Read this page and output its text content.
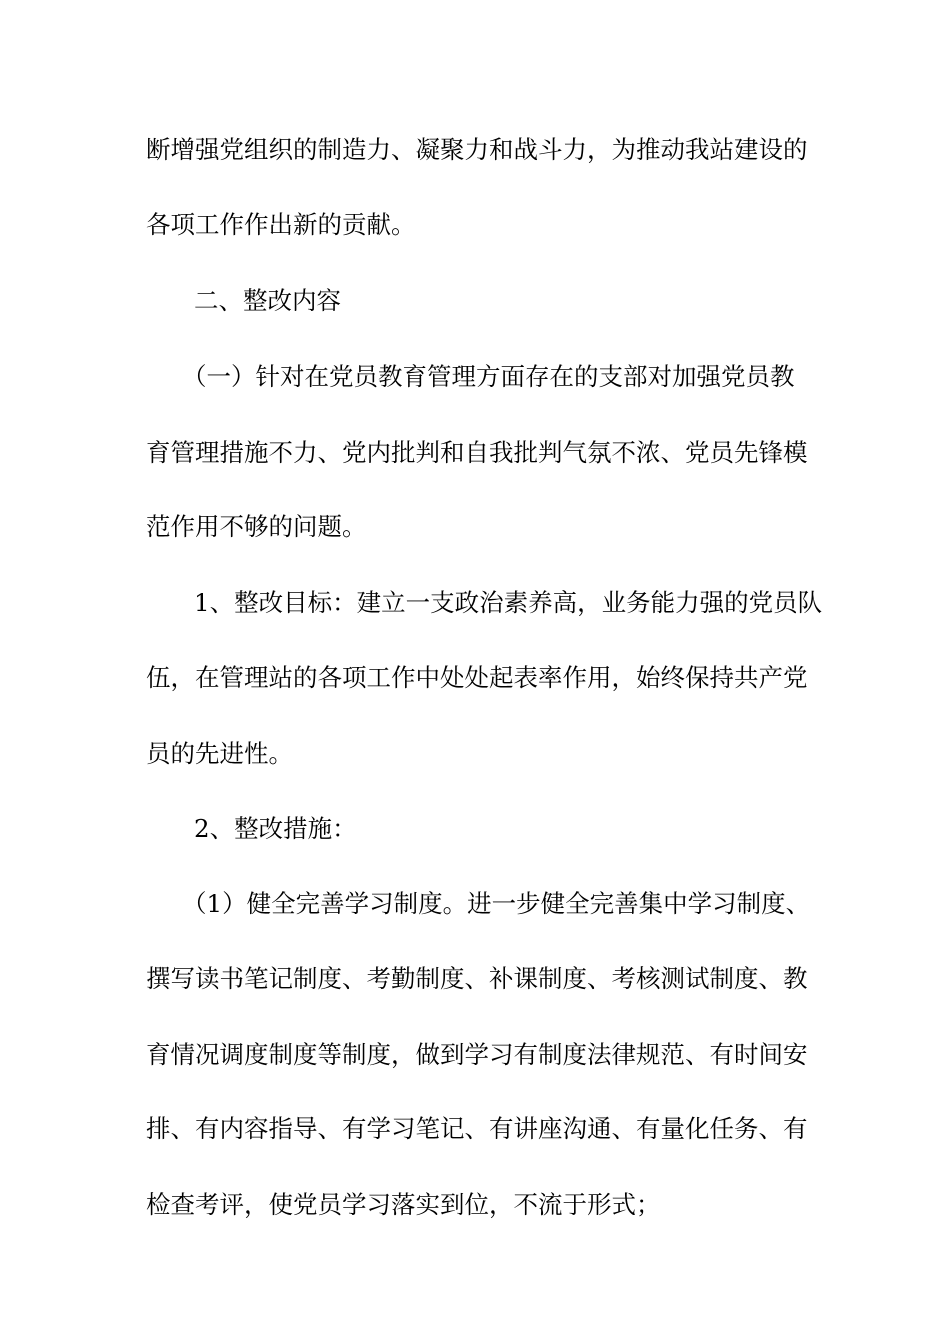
断增强党组织的制造力、凝聚力和战斗力，为推动我站建设的
各项工作作出新的贡献。
二、整改内容
（一）针对在党员教育管理方面存在的支部对加强党员教
育管理措施不力、党内批判和自我批判气氛不浓、党员先锋模
范作用不够的问题。
1、整改目标：建立一支政治素养高，业务能力强的党员队
伍，在管理站的各项工作中处处起表率作用，始终保持共产党
员的先进性。
2、整改措施：
（1）健全完善学习制度。进一步健全完善集中学习制度、
撰写读书笔记制度、考勤制度、补课制度、考核测试制度、教
育情况调度制度等制度，做到学习有制度法律规范、有时间安
排、有内容指导、有学习笔记、有讲座沟通、有量化任务、有
检查考评，使党员学习落实到位，不流于形式；
